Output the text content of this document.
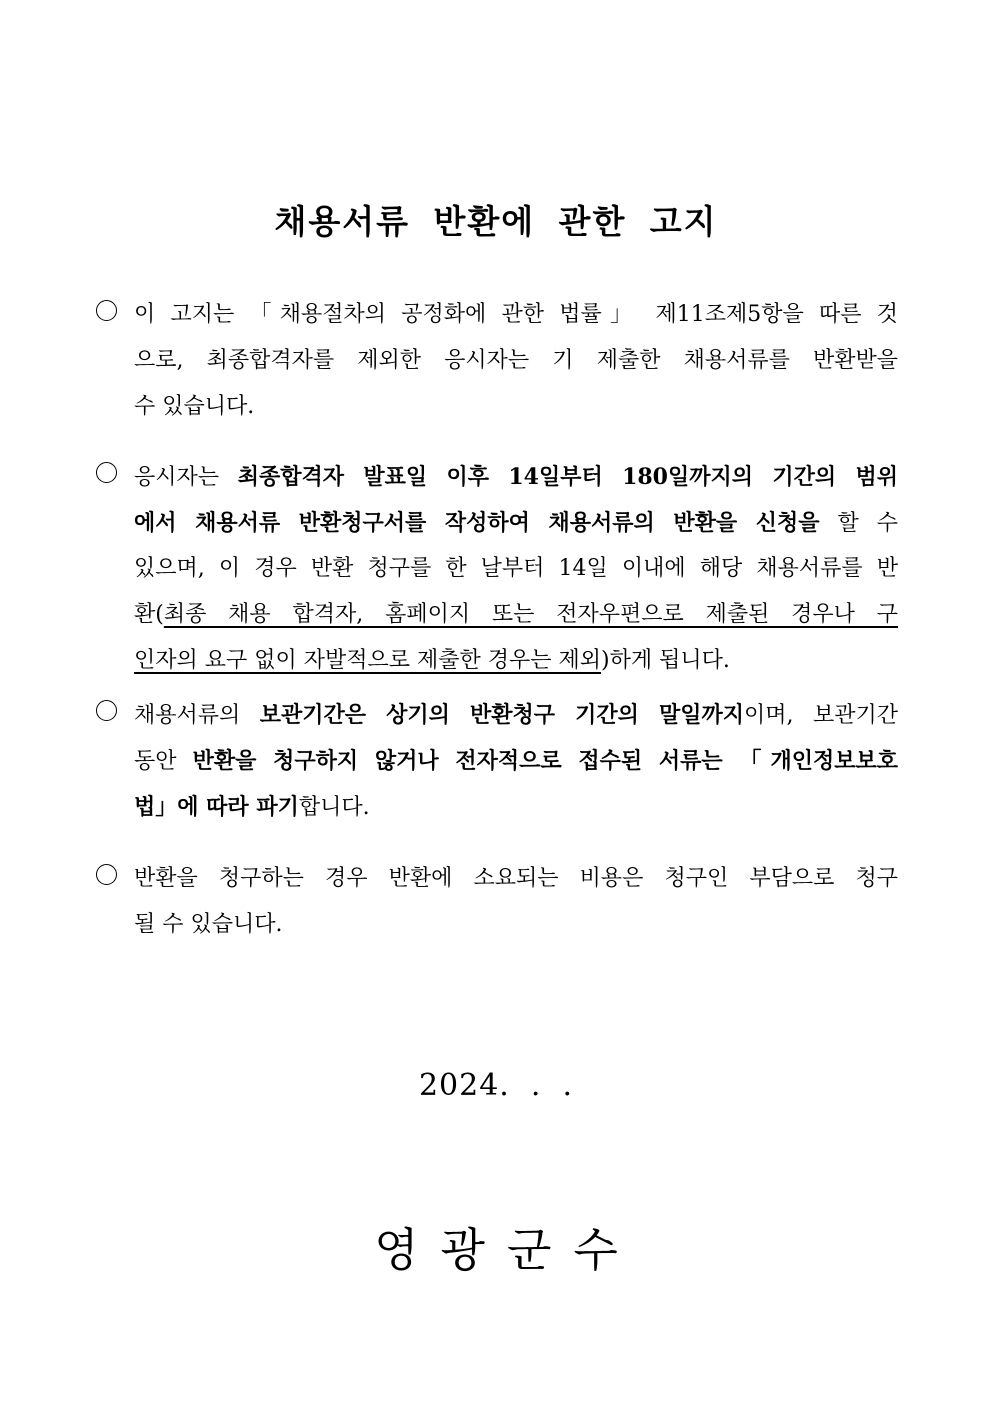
채용서류 반환에 관한 고지
이 고지는 「채용절차의 공정화에 관한 법률」 제11조제5항을 따른 것
으로, 최종합격자를 제외한 응시자는 기 제출한 채용서류를 반환받을
수 있습니다.
응시자는 최종합격자 발표일 이후 14일부터 180일까지의 기간의 범위
에서 채용서류 반환청구서를 작성하여 채용서류의 반환을 신청을 할 수
있으며, 이 경우 반환 청구를 한 날부터 14일 이내에 해당 채용서류를 반
환(최종 채용 합격자, 홈페이지 또는 전자우편으로 제출된 경우나 구
인자의 요구 없이 자발적으로 제출한 경우는 제외)하게 됩니다.
채용서류의 보관기간은 상기의 반환청구 기간의 말일까지이며, 보관기간
동안 반환을 청구하지 않거나 전자적으로 접수된 서류는 「개인정보보호
법」에 따라 파기합니다.
반환을 청구하는 경우 반환에 소요되는 비용은 청구인 부담으로 청구
될 수 있습니다.
2024.  .  .
영광군수
